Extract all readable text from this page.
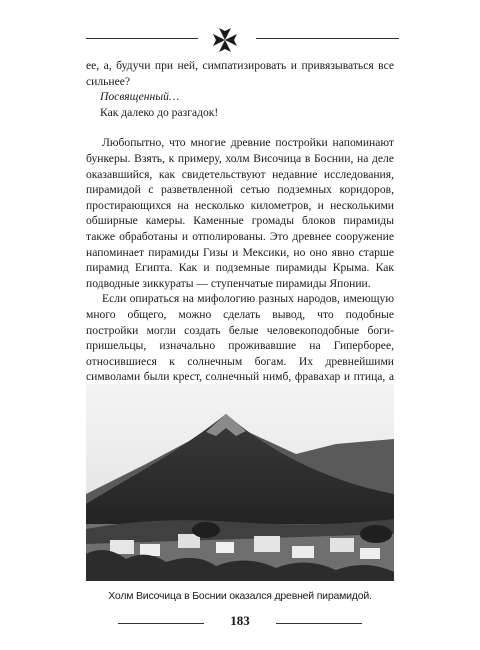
ее, а, будучи при ней, симпатизировать и привязываться все сильнее?

Посвященный…

Как далеко до разгадок!

Любопытно, что многие древние постройки напоминают бункеры. Взять, к примеру, холм Височица в Боснии, на деле оказавшийся, как свидетельствуют недавние исследования, пирамидой с разветвленной сетью подземных коридоров, простирающихся на несколько километров, и несколькими обширные камеры. Каменные громады блоков пирамиды также обработаны и отполированы. Это древнее сооружение напоминает пирамиды Гизы и Мексики, но оно явно старше пирамид Египта. Как и подземные пирамиды Крыма. Как подводные зиккураты — ступенчатые пирамиды Японии.

Если опираться на мифологию разных народов, имеющую много общего, можно сделать вывод, что подобные постройки могли создать белые человекоподобные боги-пришельцы, изначально проживавшие на Гиперборее, относившиеся к солнечным богам. Их древнейшими символами были крест, солнечный нимб, фравахар и птица, а

Холм Височица в Боснии оказался древней пирамидой.
183
